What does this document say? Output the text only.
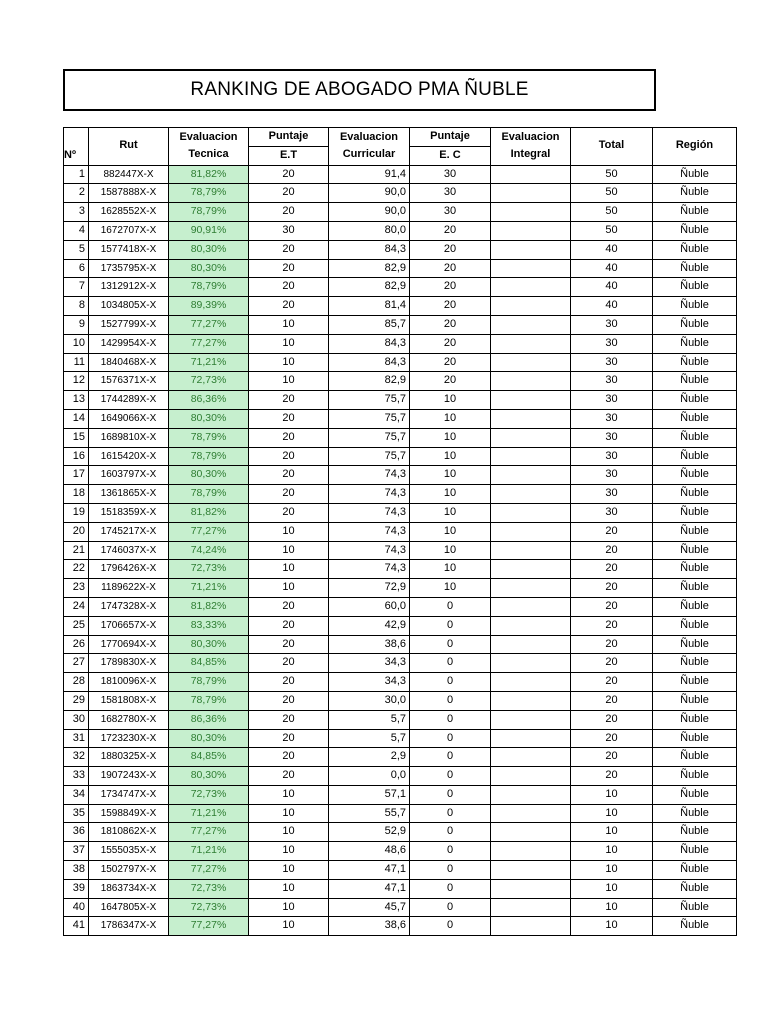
RANKING DE ABOGADO PMA ÑUBLE
Nº	Rut	Evaluacion	Puntaje	Evaluacion	Puntaje	Evaluacion	Total	Región
		Tecnica	E.T	Curricular	E. C	Integral		
1	882447X-X	81,82%	20	91,4	30		50	Ñuble
2	1587888X-X	78,79%	20	90,0	30		50	Ñuble
3	1628552X-X	78,79%	20	90,0	30		50	Ñuble
4	1672707X-X	90,91%	30	80,0	20		50	Ñuble
5	1577418X-X	80,30%	20	84,3	20		40	Ñuble
6	1735795X-X	80,30%	20	82,9	20		40	Ñuble
7	1312912X-X	78,79%	20	82,9	20		40	Ñuble
8	1034805X-X	89,39%	20	81,4	20		40	Ñuble
9	1527799X-X	77,27%	10	85,7	20		30	Ñuble
10	1429954X-X	77,27%	10	84,3	20		30	Ñuble
11	1840468X-X	71,21%	10	84,3	20		30	Ñuble
12	1576371X-X	72,73%	10	82,9	20		30	Ñuble
13	1744289X-X	86,36%	20	75,7	10		30	Ñuble
14	1649066X-X	80,30%	20	75,7	10		30	Ñuble
15	1689810X-X	78,79%	20	75,7	10		30	Ñuble
16	1615420X-X	78,79%	20	75,7	10		30	Ñuble
17	1603797X-X	80,30%	20	74,3	10		30	Ñuble
18	1361865X-X	78,79%	20	74,3	10		30	Ñuble
19	1518359X-X	81,82%	20	74,3	10		30	Ñuble
20	1745217X-X	77,27%	10	74,3	10		20	Ñuble
21	1746037X-X	74,24%	10	74,3	10		20	Ñuble
22	1796426X-X	72,73%	10	74,3	10		20	Ñuble
23	1189622X-X	71,21%	10	72,9	10		20	Ñuble
24	1747328X-X	81,82%	20	60,0	0		20	Ñuble
25	1706657X-X	83,33%	20	42,9	0		20	Ñuble
26	1770694X-X	80,30%	20	38,6	0		20	Ñuble
27	1789830X-X	84,85%	20	34,3	0		20	Ñuble
28	1810096X-X	78,79%	20	34,3	0		20	Ñuble
29	1581808X-X	78,79%	20	30,0	0		20	Ñuble
30	1682780X-X	86,36%	20	5,7	0		20	Ñuble
31	1723230X-X	80,30%	20	5,7	0		20	Ñuble
32	1880325X-X	84,85%	20	2,9	0		20	Ñuble
33	1907243X-X	80,30%	20	0,0	0		20	Ñuble
34	1734747X-X	72,73%	10	57,1	0		10	Ñuble
35	1598849X-X	71,21%	10	55,7	0		10	Ñuble
36	1810862X-X	77,27%	10	52,9	0		10	Ñuble
37	1555035X-X	71,21%	10	48,6	0		10	Ñuble
38	1502797X-X	77,27%	10	47,1	0		10	Ñuble
39	1863734X-X	72,73%	10	47,1	0		10	Ñuble
40	1647805X-X	72,73%	10	45,7	0		10	Ñuble
41	1786347X-X	77,27%	10	38,6	0		10	Ñuble
